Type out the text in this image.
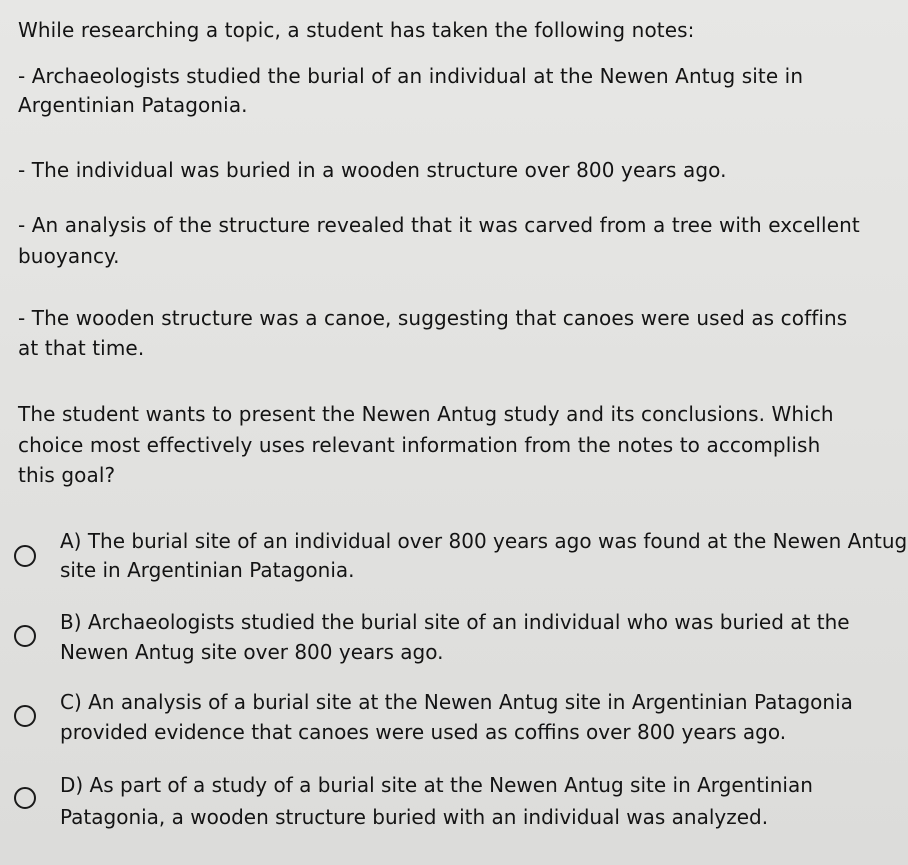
While researching a topic, a student has taken the following notes:
- Archaeologists studied the burial of an individual at the Newen Antug site in
Argentinian Patagonia.
- The individual was buried in a wooden structure over 800 years ago.
- An analysis of the structure revealed that it was carved from a tree with excellent
buoyancy.
- The wooden structure was a canoe, suggesting that canoes were used as coffins
at that time.
The student wants to present the Newen Antug study and its conclusions. Which
choice most effectively uses relevant information from the notes to accomplish
this goal?
A) The burial site of an individual over 800 years ago was found at the Newen Antug
site in Argentinian Patagonia.
B) Archaeologists studied the burial site of an individual who was buried at the
Newen Antug site over 800 years ago.
C) An analysis of a burial site at the Newen Antug site in Argentinian Patagonia
provided evidence that canoes were used as coffins over 800 years ago.
D) As part of a study of a burial site at the Newen Antug site in Argentinian
Patagonia, a wooden structure buried with an individual was analyzed.
